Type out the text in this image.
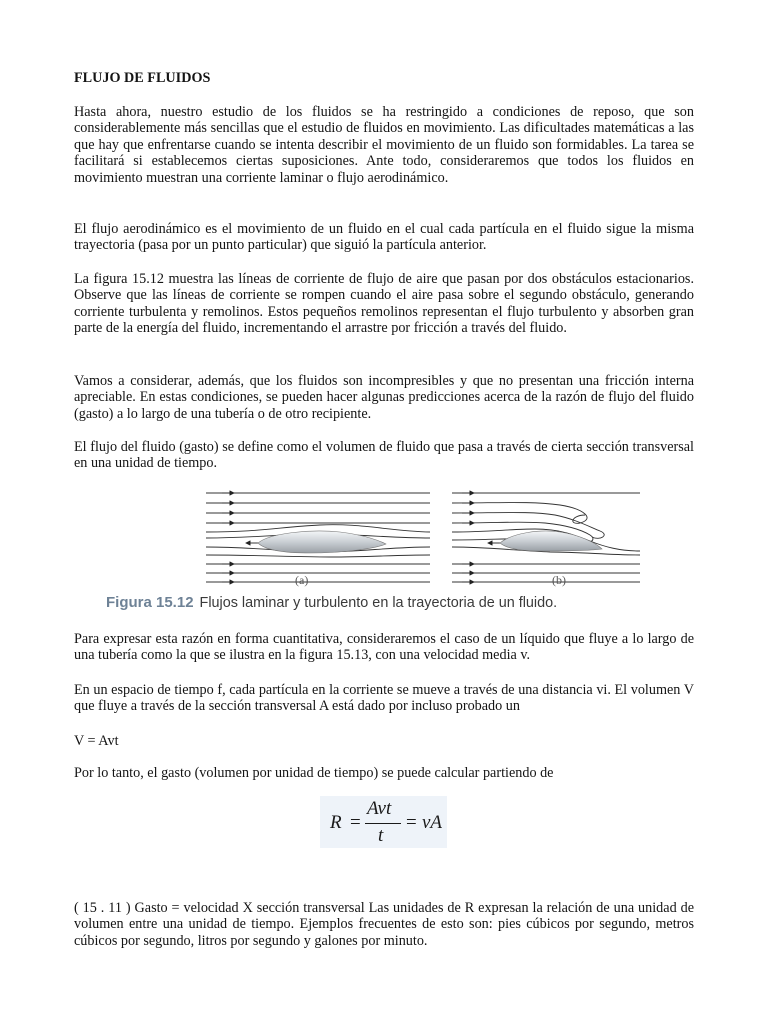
FLUJO DE FLUIDOS

Hasta ahora, nuestro estudio de los fluidos se ha restringido a condiciones de reposo, que son considerablemente más sencillas que el estudio de fluidos en movimiento. Las dificultades matemáticas a las que hay que enfrentarse cuando se intenta describir el movimiento de un fluido son formidables. La tarea se facilitará si establecemos ciertas suposiciones. Ante todo, consideraremos que todos los fluidos en movimiento muestran una corriente laminar o flujo aerodinámico.

El flujo aerodinámico es el movimiento de un fluido en el cual cada partícula en el fluido sigue la misma trayectoria (pasa por un punto particular) que siguió la partícula anterior.

La figura 15.12 muestra las líneas de corriente de flujo de aire que pasan por dos obstáculos estacionarios. Observe que las líneas de corriente se rompen cuando el aire pasa sobre el segundo obstáculo, generando corriente turbulenta y remolinos. Estos pequeños remolinos representan el flujo turbulento y absorben gran parte de la energía del fluido, incrementando el arrastre por fricción a través del fluido.

Vamos a considerar, además, que los fluidos son incompresibles y que no presentan una fricción interna apreciable. En estas condiciones, se pueden hacer algunas predicciones acerca de la razón de flujo del fluido (gasto) a lo largo de una tubería o de otro recipiente.

El flujo del fluido (gasto) se define como el volumen de fluido que pasa a través de cierta sección transversal en una unidad de tiempo.

(a)	(b)
Figura 15.12 Flujos laminar y turbulento en la trayectoria de un fluido.

Para expresar esta razón en forma cuantitativa, consideraremos el caso de un líquido que fluye a lo largo de una tubería como la que se ilustra en la figura 15.13, con una velocidad media v.

En un espacio de tiempo f, cada partícula en la corriente se mueve a través de una distancia vi. El volumen V que fluye a través de la sección transversal A está dado por incluso probado un

V = Avt

Por lo tanto, el gasto (volumen por unidad de tiempo) se puede calcular partiendo de

R =
Avt
t
= vA

( 15 . 11 ) Gasto = velocidad X sección transversal Las unidades de R expresan la relación de una unidad de volumen entre una unidad de tiempo. Ejemplos frecuentes de esto son: pies cúbicos por segundo, metros cúbicos por segundo, litros por segundo y galones por minuto.
